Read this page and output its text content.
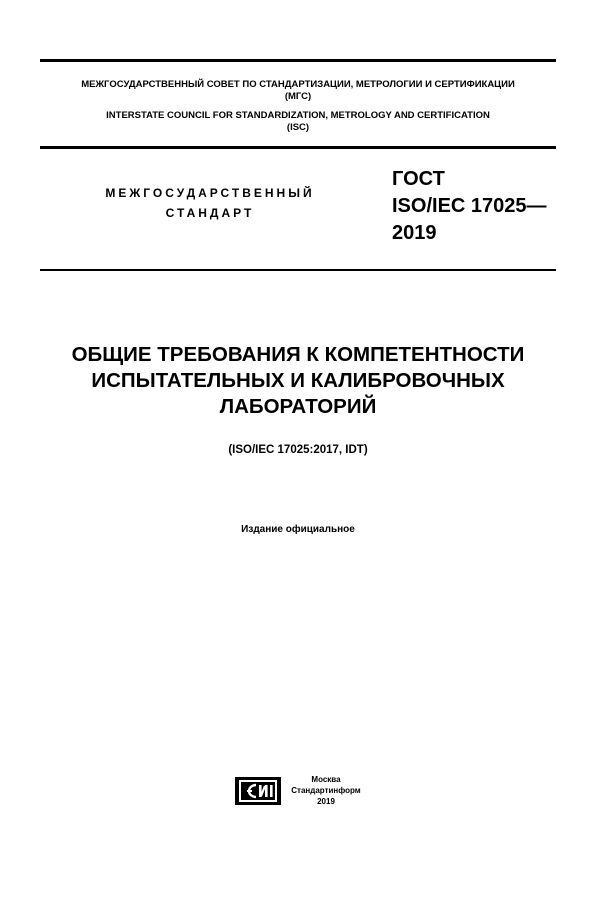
МЕЖГОСУДАРСТВЕННЫЙ СОВЕТ ПО СТАНДАРТИЗАЦИИ, МЕТРОЛОГИИ И СЕРТИФИКАЦИИ
(МГС)
INTERSTATE COUNCIL FOR STANDARDIZATION, METROLOGY AND CERTIFICATION
(ISC)
МЕЖГОСУДАРСТВЕННЫЙ
СТАНДАРТ
ГОСТ
ISO/IEC 17025—
2019
ОБЩИЕ ТРЕБОВАНИЯ К КОМПЕТЕНТНОСТИ
ИСПЫТАТЕЛЬНЫХ И КАЛИБРОВОЧНЫХ
ЛАБОРАТОРИЙ
(ISO/IEC 17025:2017, IDT)
Издание официальное
Москва
Стандартинформ
2019
